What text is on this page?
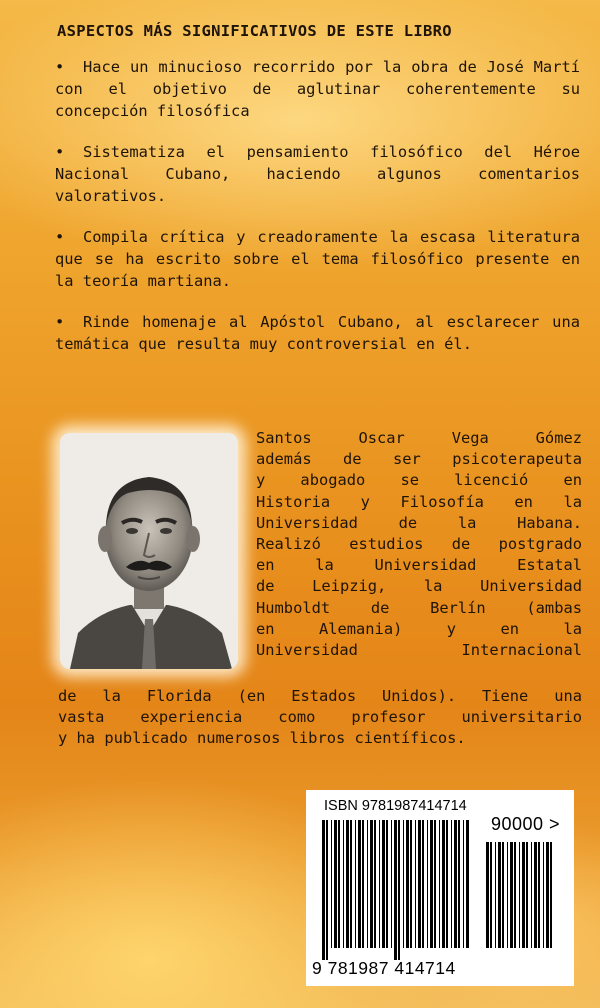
ASPECTOS MÁS SIGNIFICATIVOS DE ESTE LIBRO
• Hace un minucioso recorrido por la obra de José Martí con el objetivo de aglutinar coherentemente su concepción filosófica
• Sistematiza el pensamiento filosófico del Héroe Nacional Cubano, haciendo algunos comentarios valorativos.
• Compila crítica y creadoramente la escasa literatura que se ha escrito sobre el tema filosófico presente en la teoría martiana.
• Rinde homenaje al Apóstol Cubano, al esclarecer una temática que resulta muy controversial en él.
Santos Oscar Vega Gómez
además de ser psicoterapeuta
y abogado se licenció en
Historia y Filosofía en la
Universidad de la Habana.
Realizó estudios de postgrado
en la Universidad Estatal
de Leipzig, la Universidad
Humboldt de Berlín (ambas
en Alemania) y en la
Universidad Internacional
de la Florida (en Estados Unidos). Tiene una
vasta experiencia como profesor universitario
y ha publicado numerosos libros científicos.
ISBN 9781987414714
90000 >
9 781987 414714
